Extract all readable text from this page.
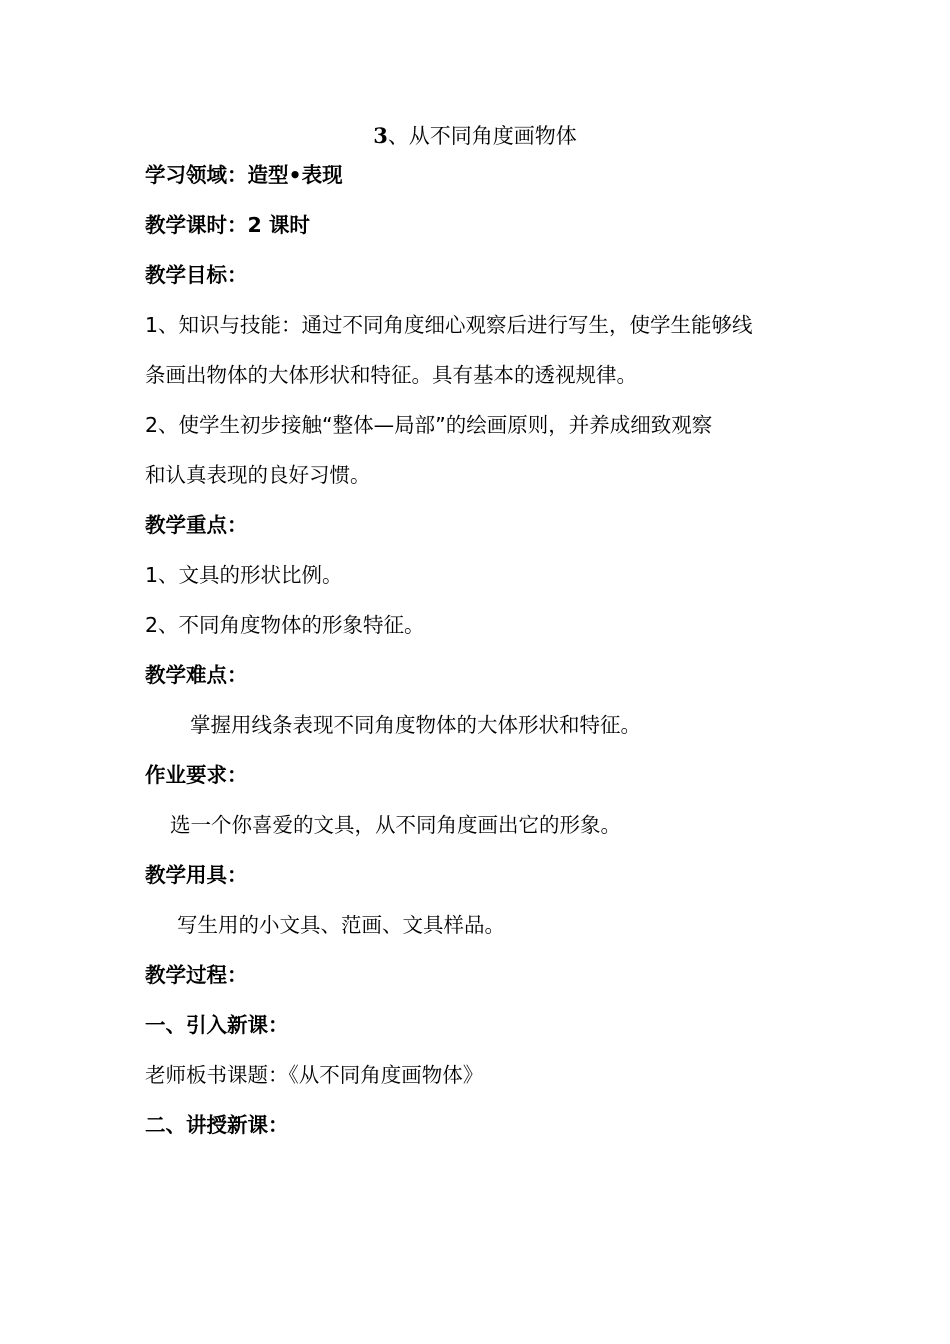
3、从不同角度画物体
学习领域：造型•表现
教学课时：2 课时
教学目标：
1、知识与技能：通过不同角度细心观察后进行写生，使学生能够线
条画出物体的大体形状和特征。具有基本的透视规律。
2、使学生初步接触“整体—局部”的绘画原则，并养成细致观察
和认真表现的良好习惯。
教学重点：
1、文具的形状比例。
2、不同角度物体的形象特征。
教学难点：
掌握用线条表现不同角度物体的大体形状和特征。
作业要求：
选一个你喜爱的文具，从不同角度画出它的形象。
教学用具：
写生用的小文具、范画、文具样品。
教学过程：
一、引入新课：
老师板书课题：《从不同角度画物体》
二、讲授新课：
